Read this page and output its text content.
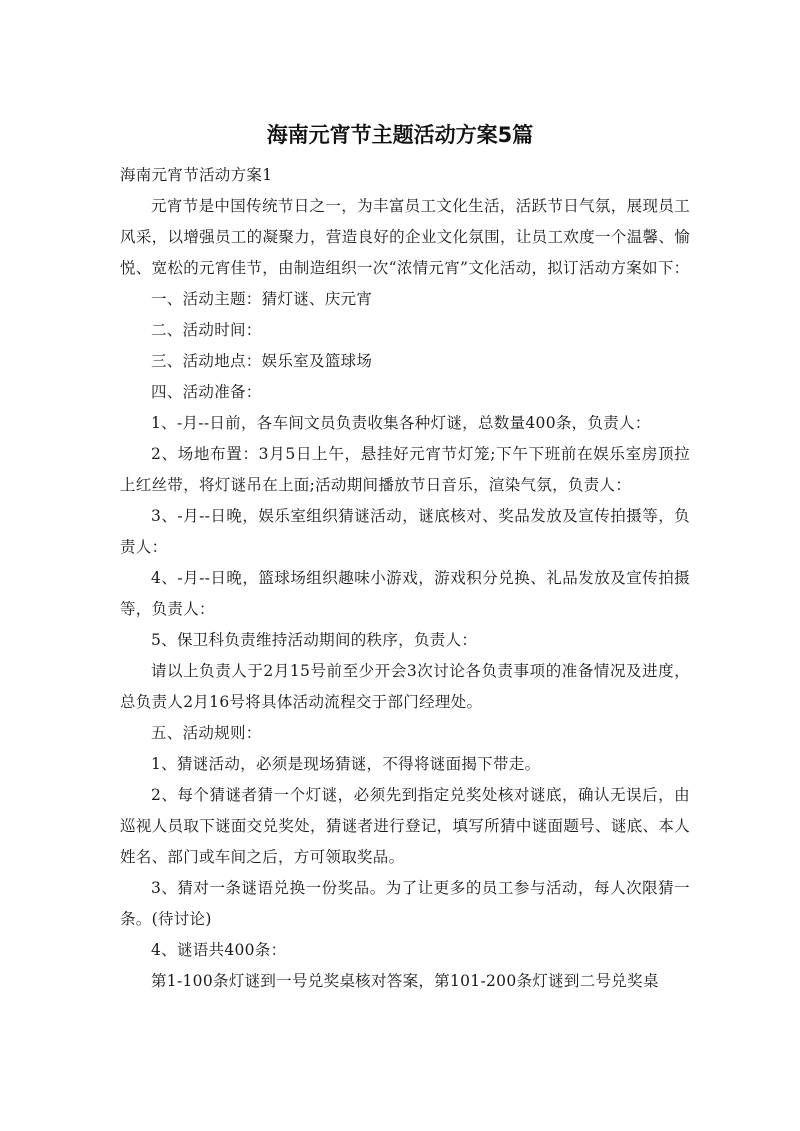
海南元宵节主题活动方案5篇

海南元宵节活动方案1

元宵节是中国传统节日之一，为丰富员工文化生活，活跃节日气氛，展现员工风采，以增强员工的凝聚力，营造良好的企业文化氛围，让员工欢度一个温馨、愉悦、宽松的元宵佳节，由制造组织一次“浓情元宵”文化活动，拟订活动方案如下：

一、活动主题：猜灯谜、庆元宵

二、活动时间：

三、活动地点：娱乐室及篮球场

四、活动准备：

1、-月--日前，各车间文员负责收集各种灯谜，总数量400条，负责人：

2、场地布置：3月5日上午，悬挂好元宵节灯笼;下午下班前在娱乐室房顶拉上红丝带，将灯谜吊在上面;活动期间播放节日音乐，渲染气氛，负责人：

3、-月--日晚，娱乐室组织猜谜活动，谜底核对、奖品发放及宣传拍摄等，负责人：

4、-月--日晚，篮球场组织趣味小游戏，游戏积分兑换、礼品发放及宣传拍摄等，负责人：

5、保卫科负责维持活动期间的秩序，负责人：

请以上负责人于2月15号前至少开会3次讨论各负责事项的准备情况及进度，总负责人2月16号将具体活动流程交于部门经理处。

五、活动规则：

1、猜谜活动，必须是现场猜谜，不得将谜面揭下带走。

2、每个猜谜者猜一个灯谜，必须先到指定兑奖处核对谜底，确认无误后，由巡视人员取下谜面交兑奖处，猜谜者进行登记，填写所猜中谜面题号、谜底、本人姓名、部门或车间之后，方可领取奖品。

3、猜对一条谜语兑换一份奖品。为了让更多的员工参与活动，每人次限猜一条。(待讨论)

4、谜语共400条：

第1-100条灯谜到一号兑奖桌核对答案，第101-200条灯谜到二号兑奖桌
